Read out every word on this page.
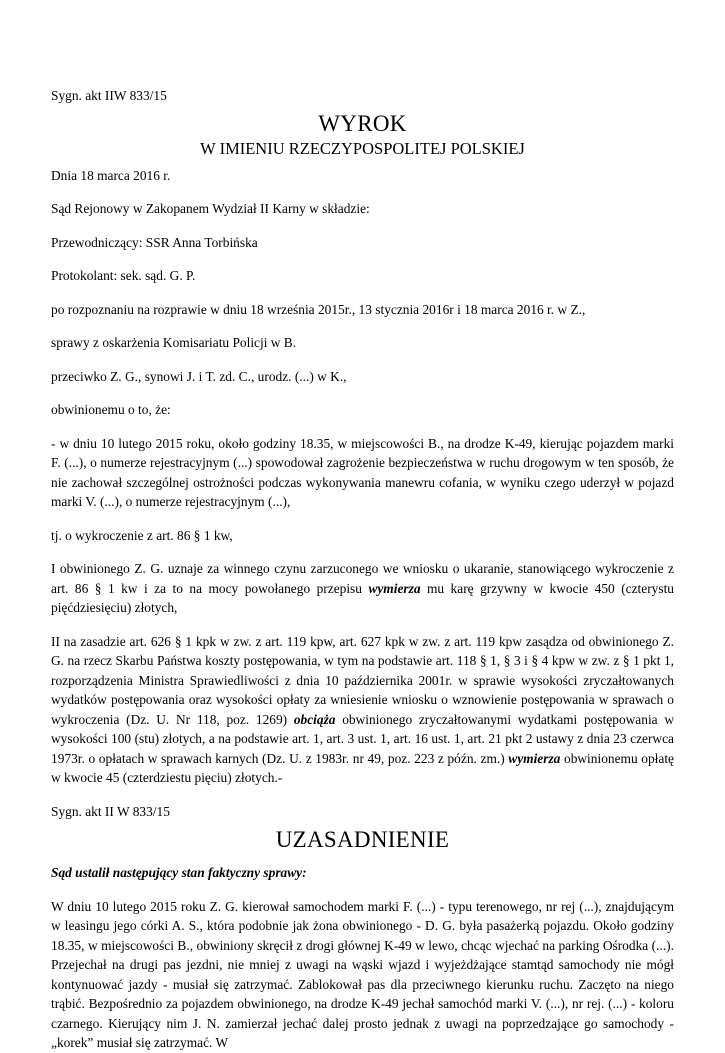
Sygn. akt IIW 833/15

WYROK

W IMIENIU RZECZYPOSPOLITEJ POLSKIEJ

Dnia 18 marca 2016 r.

Sąd Rejonowy w Zakopanem Wydział II Karny w składzie:

Przewodniczący: SSR Anna Torbińska

Protokolant: sek. sąd. G. P.

po rozpoznaniu na rozprawie w dniu 18 września 2015r., 13 stycznia 2016r i 18 marca 2016 r. w Z.,

sprawy z oskarżenia Komisariatu Policji w B.

przeciwko Z. G., synowi J. i T. zd. C., urodz. (...) w K.,

obwinionemu o to, że:

- w dniu 10 lutego 2015 roku, około godziny 18.35, w miejscowości B., na drodze K-49, kierując pojazdem marki F. (...), o numerze rejestracyjnym (...) spowodował zagrożenie bezpieczeństwa w ruchu drogowym w ten sposób, że nie zachował szczególnej ostrożności podczas wykonywania manewru cofania, w wyniku czego uderzył w pojazd marki V. (...), o numerze rejestracyjnym (...),

tj. o wykroczenie z art. 86 § 1 kw,

I obwinionego Z. G. uznaje za winnego czynu zarzuconego we wniosku o ukaranie, stanowiącego wykroczenie z art. 86 § 1 kw i za to na mocy powołanego przepisu wymierza mu karę grzywny w kwocie 450 (czterystu pięćdziesięciu) złotych,

II na zasadzie art. 626 § 1 kpk w zw. z art. 119 kpw, art. 627 kpk w zw. z art. 119 kpw zasądza od obwinionego Z. G. na rzecz Skarbu Państwa koszty postępowania, w tym na podstawie art. 118 § 1, § 3 i § 4 kpw w zw. z § 1 pkt 1, rozporządzenia Ministra Sprawiedliwości z dnia 10 października 2001r. w sprawie wysokości zryczałtowanych wydatków postępowania oraz wysokości opłaty za wniesienie wniosku o wznowienie postępowania w sprawach o wykroczenia (Dz. U. Nr 118, poz. 1269) obciąża obwinionego zryczałtowanymi wydatkami postępowania w wysokości 100 (stu) złotych, a na podstawie art. 1, art. 3 ust. 1, art. 16 ust. 1, art. 21 pkt 2 ustawy z dnia 23 czerwca 1973r. o opłatach w sprawach karnych (Dz. U. z 1983r. nr 49, poz. 223 z późn. zm.) wymierza obwinionemu opłatę w kwocie 45 (czterdziestu pięciu) złotych.-

Sygn. akt II W 833/15

UZASADNIENIE

Sąd ustalił następujący stan faktyczny sprawy:

W dniu 10 lutego 2015 roku Z. G. kierował samochodem marki F. (...) - typu terenowego, nr rej (...), znajdującym w leasingu jego córki A. S., która podobnie jak żona obwinionego - D. G. była pasażerką pojazdu. Około godziny 18.35, w miejscowości B., obwiniony skręcił z drogi głównej K-49 w lewo, chcąc wjechać na parking Ośrodka (...). Przejechał na drugi pas jezdni, nie mniej z uwagi na wąski wjazd i wyjeżdżające stamtąd samochody nie mógł kontynuować jazdy - musiał się zatrzymać. Zablokował pas dla przeciwnego kierunku ruchu. Zaczęto na niego trąbić. Bezpośrednio za pojazdem obwinionego, na drodze K-49 jechał samochód marki V. (...), nr rej. (...) - koloru czarnego. Kierujący nim J. N. zamierzał jechać dalej prosto jednak z uwagi na poprzedzające go samochody - „korek” musiał się zatrzymać. W
